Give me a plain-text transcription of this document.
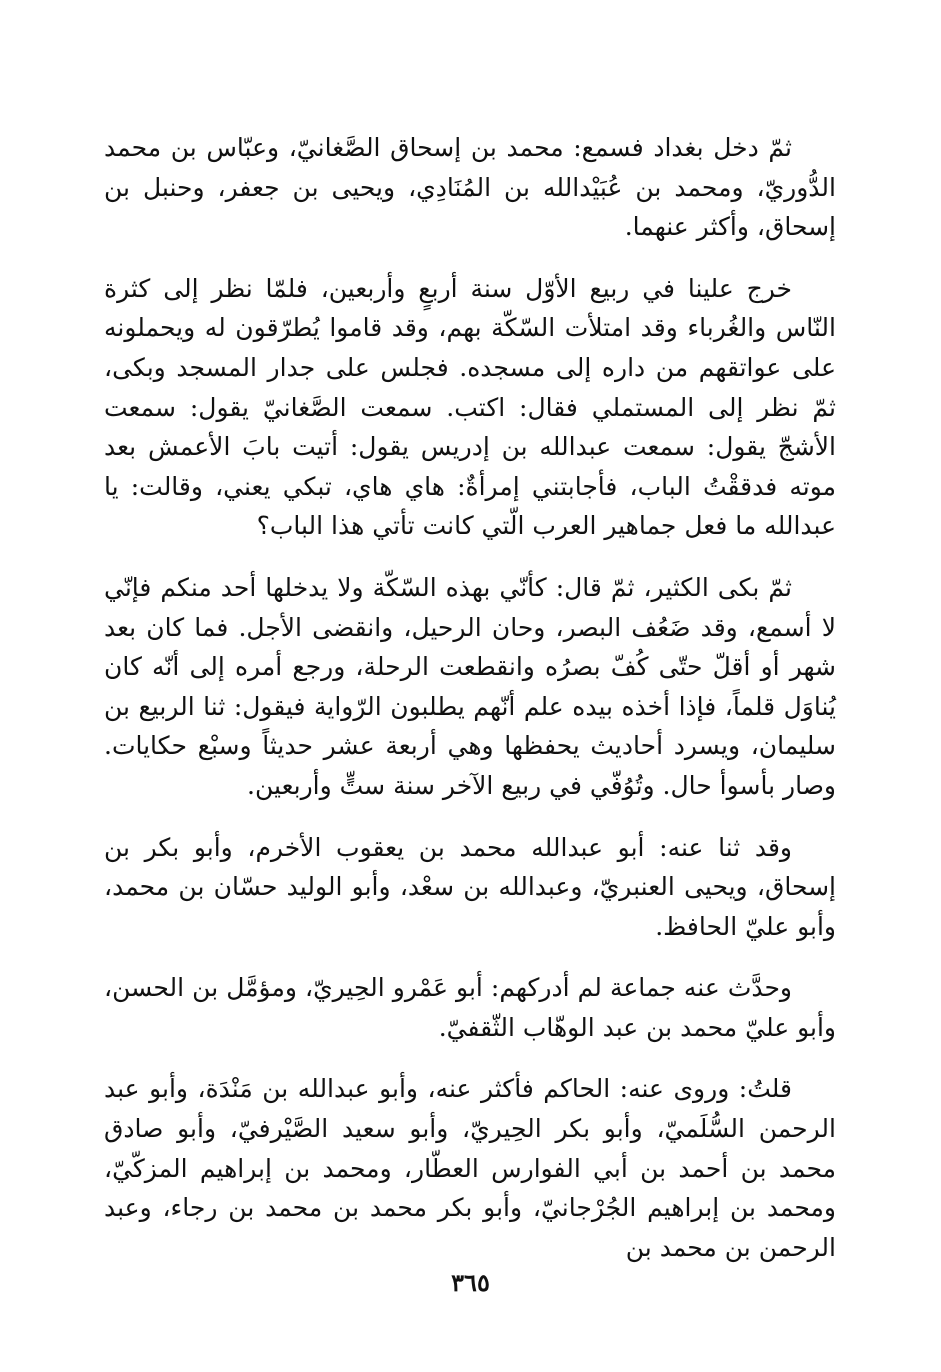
ثمّ دخل بغداد فسمع: محمد بن إسحاق الصَّغانيّ، وعبّاس بن محمد الدُّوريّ، ومحمد بن عُبَيْدالله بن المُنَادِي، ويحيى بن جعفر، وحنبل بن إسحاق، وأكثر عنهما.

خرج علينا في ربيع الأوّل سنة أربعٍ وأربعين، فلمّا نظر إلى كثرة النّاس والغُرباء وقد امتلأت السّكّة بهم، وقد قاموا يُطرّقون له ويحملونه على عواتقهم من داره إلى مسجده. فجلس على جدار المسجد وبكى، ثمّ نظر إلى المستملي فقال: اكتب. سمعت الصَّغانيّ يقول: سمعت الأشجّ يقول: سمعت عبدالله بن إدريس يقول: أتيت بابَ الأعمش بعد موته فدققْتُ الباب، فأجابتني إمرأةٌ: هاي هاي، تبكي يعني، وقالت: يا عبدالله ما فعل جماهير العرب الّتي كانت تأتي هذا الباب؟

ثمّ بكى الكثير، ثمّ قال: كأنّي بهذه السّكّة ولا يدخلها أحد منكم فإنّي لا أسمع، وقد ضَعُف البصر، وحان الرحيل، وانقضى الأجل. فما كان بعد شهر أو أقلّ حتّى كُفّ بصرُه وانقطعت الرحلة، ورجع أمره إلى أنّه كان يُناوَل قلماً، فإذا أخذه بيده علم أنّهم يطلبون الرّواية فيقول: ثنا الربيع بن سليمان، ويسرد أحاديث يحفظها وهي أربعة عشر حديثاً وسبْع حكايات. وصار بأسوأ حال. وتُوُفّي في ربيع الآخر سنة ستٍّ وأربعين.

وقد ثنا عنه: أبو عبدالله محمد بن يعقوب الأخرم، وأبو بكر بن إسحاق، ويحيى العنبريّ، وعبدالله بن سعْد، وأبو الوليد حسّان بن محمد، وأبو عليّ الحافظ.

وحدَّث عنه جماعة لم أدركهم: أبو عَمْرو الحِيريّ، ومؤمَّل بن الحسن، وأبو عليّ محمد بن عبد الوهّاب الثّقفيّ.

قلتُ: وروى عنه: الحاكم فأكثر عنه، وأبو عبدالله بن مَنْدَة، وأبو عبد الرحمن السُّلَميّ، وأبو بكر الحِيريّ، وأبو سعيد الصَّيْرفيّ، وأبو صادق محمد بن أحمد بن أبي الفوارس العطّار، ومحمد بن إبراهيم المزكّيّ، ومحمد بن إبراهيم الجُرْجانيّ، وأبو بكر محمد بن محمد بن رجاء، وعبد الرحمن بن محمد بن

٣٦٥
